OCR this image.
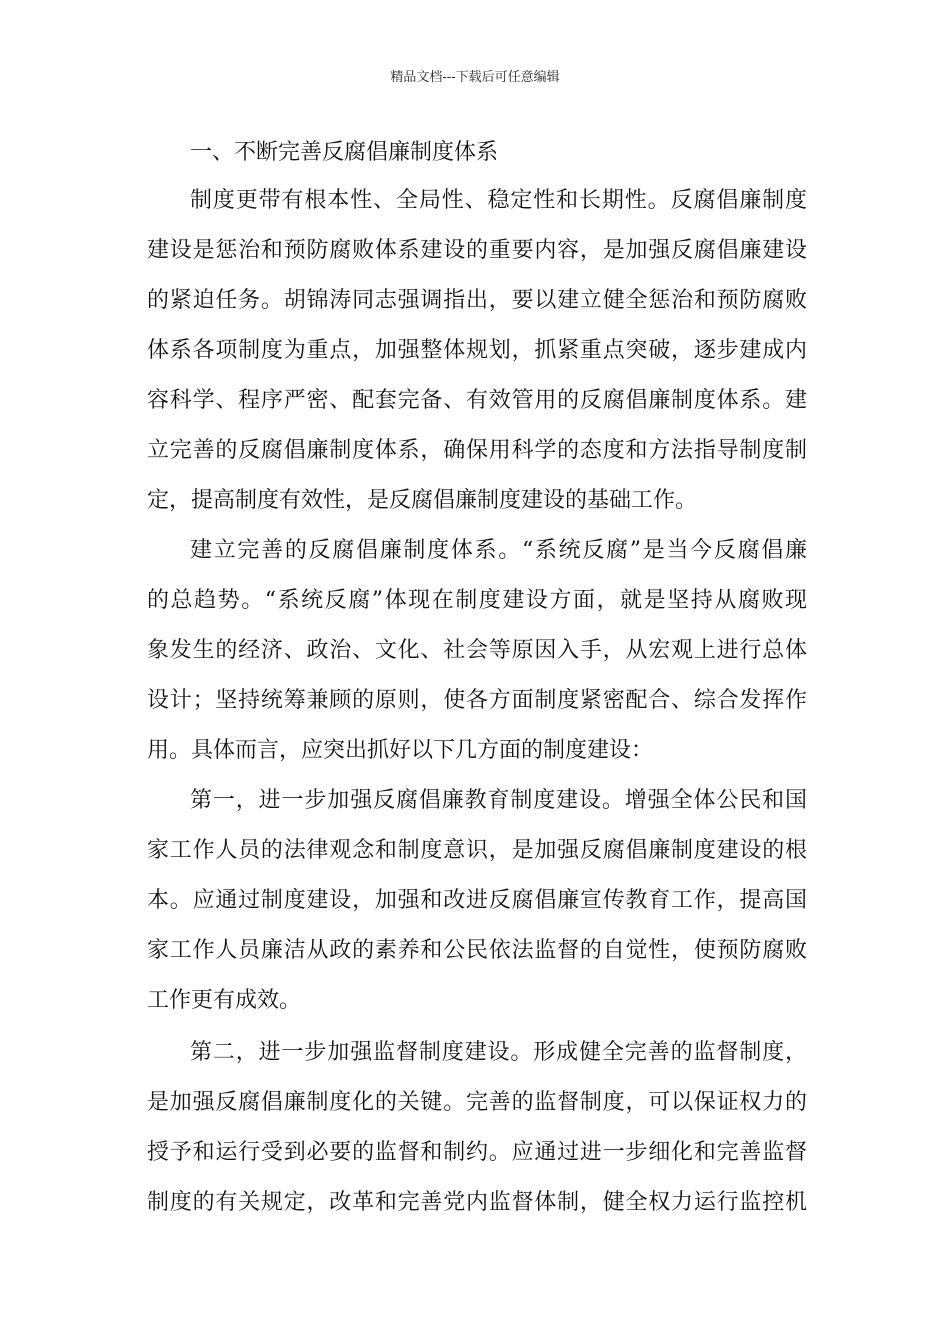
精品文档---下载后可任意编辑
一、不断完善反腐倡廉制度体系
制度更带有根本性、全局性、稳定性和长期性。反腐倡廉制度
建设是惩治和预防腐败体系建设的重要内容，是加强反腐倡廉建设
的紧迫任务。胡锦涛同志强调指出，要以建立健全惩治和预防腐败
体系各项制度为重点，加强整体规划，抓紧重点突破，逐步建成内
容科学、程序严密、配套完备、有效管用的反腐倡廉制度体系。建
立完善的反腐倡廉制度体系，确保用科学的态度和方法指导制度制
定，提高制度有效性，是反腐倡廉制度建设的基础工作。
建立完善的反腐倡廉制度体系。“系统反腐”是当今反腐倡廉
的总趋势。“系统反腐”体现在制度建设方面，就是坚持从腐败现
象发生的经济、政治、文化、社会等原因入手，从宏观上进行总体
设计；坚持统筹兼顾的原则，使各方面制度紧密配合、综合发挥作
用。具体而言，应突出抓好以下几方面的制度建设：
第一，进一步加强反腐倡廉教育制度建设。增强全体公民和国
家工作人员的法律观念和制度意识，是加强反腐倡廉制度建设的根
本。应通过制度建设，加强和改进反腐倡廉宣传教育工作，提高国
家工作人员廉洁从政的素养和公民依法监督的自觉性，使预防腐败
工作更有成效。
第二，进一步加强监督制度建设。形成健全完善的监督制度，
是加强反腐倡廉制度化的关键。完善的监督制度，可以保证权力的
授予和运行受到必要的监督和制约。应通过进一步细化和完善监督
制度的有关规定，改革和完善党内监督体制，健全权力运行监控机
